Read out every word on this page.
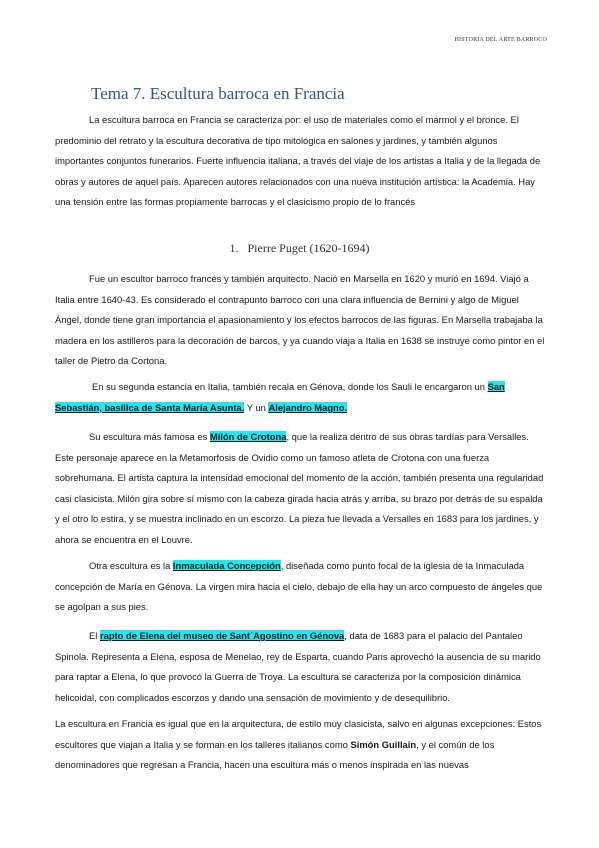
HISTORIA DEL ARTE BARROCO
Tema 7. Escultura barroca en Francia

La escultura barroca en Francia se caracteriza por: el uso de materiales como el mármol y el bronce. El predominio del retrato y la escultura decorativa de tipo mitológica en salones y jardines, y también algunos importantes conjuntos funerarios. Fuerte influencia italiana, a través del viaje de los artistas a Italia y de la llegada de obras y autores de aquel país. Aparecen autores relacionados con una nueva institución artística: la Academia. Hay una tensión entre las formas propiamente barrocas y el clasicismo propio de lo francés

1. Pierre Puget (1620-1694)

Fue un escultor barroco francés y también arquitecto. Nació en Marsella en 1620 y murió en 1694. Viajó a Italia entre 1640-43. Es considerado el contrapunto barroco con una clara influencia de Bernini y algo de Miguel Ángel, donde tiene gran importancia el apasionamiento y los efectos barrocos de las figuras. En Marsella trabajaba la madera en los astilleros para la decoración de barcos, y ya cuando viaja a Italia en 1638 se instruye como pintor en el taller de Pietro da Cortona.

En su segunda estancia en Italia, también recala en Génova, donde los Sauli le encargaron un San Sebastián, basílica de Santa María Asunta. Y un Alejandro Magno.

Su escultura más famosa es Milón de Crotona, que la realiza dentro de sus obras tardías para Versalles. Este personaje aparece en la Metamorfosis de Ovidio como un famoso atleta de Crotona con una fuerza sobrehumana. El artista captura la intensidad emocional del momento de la acción, también presenta una regularidad casi clasicista. Milón gira sobre sí mismo con la cabeza girada hacia atrás y arriba, su brazo por detrás de su espalda y el otro lo estira, y se muestra inclinado en un escorzo. La pieza fue llevada a Versalles en 1683 para los jardines, y ahora se encuentra en el Louvre.

Otra escultura es la Inmaculada Concepción, diseñada como punto focal de la iglesia de la Inmaculada concepción de María en Génova. La virgen mira hacia el cielo, debajo de ella hay un arco compuesto de ángeles que se agolpan a sus pies.

El rapto de Elena del museo de Sant´Agostino en Génova, data de 1683 para el palacio del Pantaleo Spinola. Representa a Elena, esposa de Menelao, rey de Esparta, cuando Paris aprovechó la ausencia de su marido para raptar a Elena, lo que provocó la Guerra de Troya. La escultura se caracteriza por la composición dinámica helicoidal, con complicados escorzos y dando una sensación de movimiento y de desequilibrio.

La escultura en Francia es igual que en la arquitectura, de estilo muy clasicista, salvo en algunas excepciones: Estos escultores que viajan a Italia y se forman en los talleres italianos como Simón Guillain, y el común de los denominadores que regresan a Francia, hacen una escultura más o menos inspirada en las nuevas
